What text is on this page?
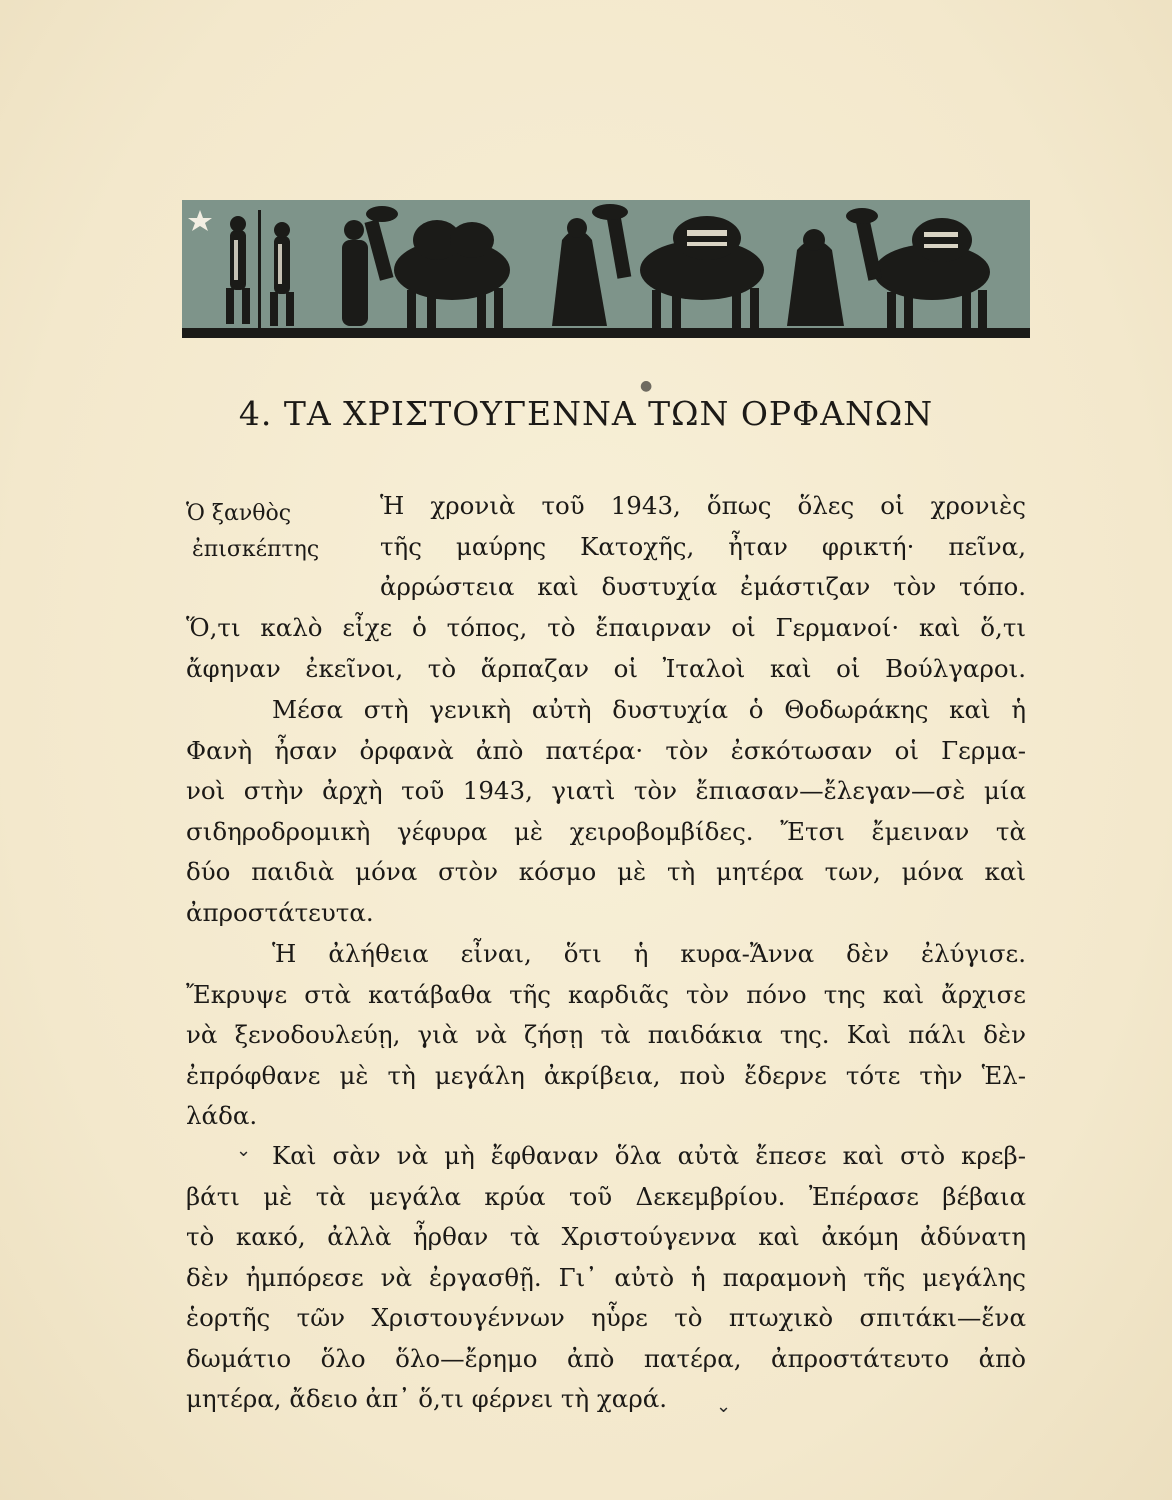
●
4. ΤΑ ΧΡΙΣΤΟΥΓΕΝΝΑ ΤΩΝ ΟΡΦΑΝΩΝ
Ὁ ξανθὸς
ἐπισκέπτης
Ἡ χρονιὰ τοῦ 1943, ὅπως ὅλες οἱ χρονιὲς
τῆς μαύρης Κατοχῆς, ἦταν φρικτή· πεῖνα,
ἀρρώστεια καὶ δυστυχία ἐμάστιζαν τὸν τόπο.
Ὅ,τι καλὸ εἶχε ὁ τόπος, τὸ ἔπαιρναν οἱ Γερμανοί· καὶ ὅ,τι
ἄφηναν ἐκεῖνοι, τὸ ἅρπαζαν οἱ Ἰταλοὶ καὶ οἱ Βούλγαροι.
Μέσα στὴ γενικὴ αὐτὴ δυστυχία ὁ Θοδωράκης καὶ ἡ
Φανὴ ἦσαν ὀρφανὰ ἀπὸ πατέρα· τὸν ἐσκότωσαν οἱ Γερμα-
νοὶ στὴν ἀρχὴ τοῦ 1943, γιατὶ τὸν ἔπιασαν—ἔλεγαν—σὲ μία
σιδηροδρομικὴ γέφυρα μὲ χειροβομβίδες. Ἔτσι ἔμειναν τὰ
δύο παιδιὰ μόνα στὸν κόσμο μὲ τὴ μητέρα των, μόνα καὶ
ἀπροστάτευτα.
Ἡ ἀλήθεια εἶναι, ὅτι ἡ κυρα-Ἄννα δὲν ἐλύγισε.
Ἔκρυψε στὰ κατάβαθα τῆς καρδιᾶς τὸν πόνο της καὶ ἄρχισε
νὰ ξενοδουλεύῃ, γιὰ νὰ ζήσῃ τὰ παιδάκια της. Καὶ πάλι δὲν
ἐπρόφθανε μὲ τὴ μεγάλη ἀκρίβεια, ποὺ ἔδερνε τότε τὴν Ἑλ-
λάδα.
Καὶ σὰν νὰ μὴ ἔφθαναν ὅλα αὐτὰ ἔπεσε καὶ στὸ κρεβ-
βάτι μὲ τὰ μεγάλα κρύα τοῦ Δεκεμβρίου. Ἐπέρασε βέβαια
τὸ κακό, ἀλλὰ ἦρθαν τὰ Χριστούγεννα καὶ ἀκόμη ἀδύνατη
δὲν ἠμπόρεσε νὰ ἐργασθῇ. Γι᾿ αὐτὸ ἡ παραμονὴ τῆς μεγάλης
ἑορτῆς τῶν Χριστουγέννων ηὗρε τὸ πτωχικὸ σπιτάκι—ἕνα
δωμάτιο ὅλο ὅλο—ἔρημο ἀπὸ πατέρα, ἀπροστάτευτο ἀπὸ
μητέρα, ἄδειο ἀπ᾿ ὅ,τι φέρνει τὴ χαρά.
⌄
⌄
